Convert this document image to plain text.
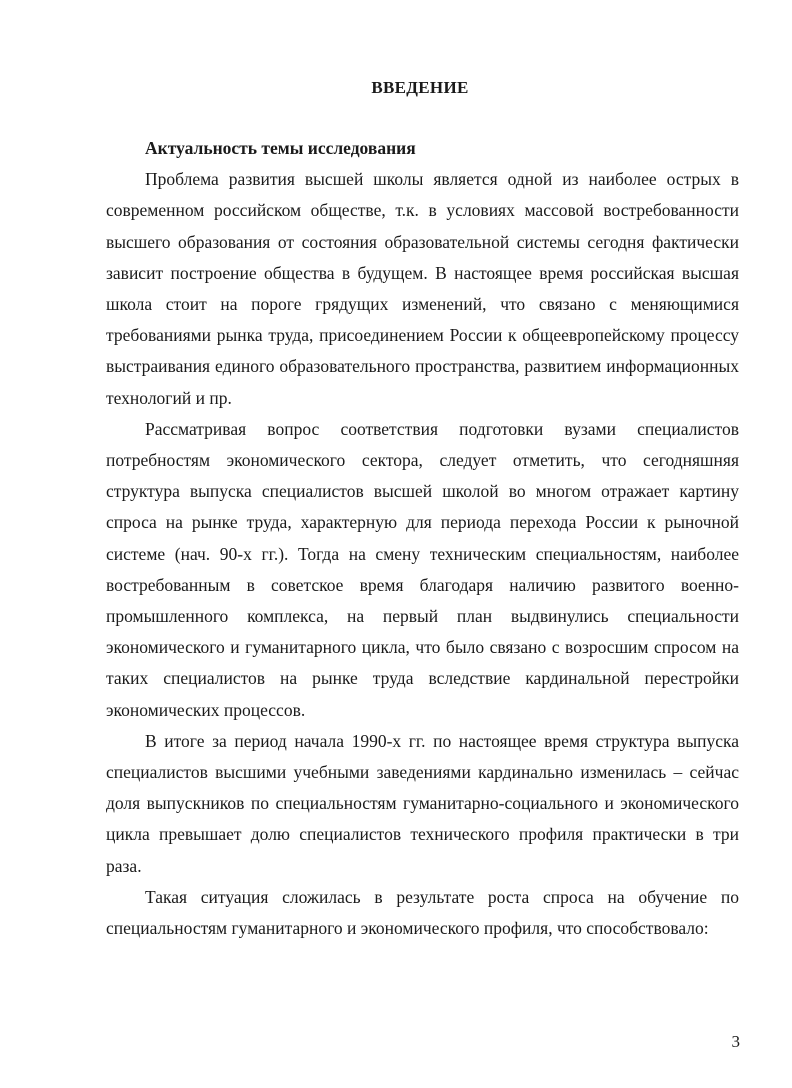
ВВЕДЕНИЕ

Актуальность темы исследования

Проблема развития высшей школы является одной из наиболее острых в современном российском обществе, т.к. в условиях массовой востребованности высшего образования от состояния образовательной системы сегодня фактически зависит построение общества в будущем. В настоящее время российская высшая школа стоит на пороге грядущих изменений, что связано с меняющимися требованиями рынка труда, присоединением России к общеевропейскому процессу выстраивания единого образовательного пространства, развитием информационных технологий и пр.

Рассматривая вопрос соответствия подготовки вузами специалистов потребностям экономического сектора, следует отметить, что сегодняшняя структура выпуска специалистов высшей школой во многом отражает картину спроса на рынке труда, характерную для периода перехода России к рыночной системе (нач. 90-х гг.). Тогда на смену техническим специальностям, наиболее востребованным в советское время благодаря наличию развитого военно-промышленного комплекса, на первый план выдвинулись специальности экономического и гуманитарного цикла, что было связано с возросшим спросом на таких специалистов на рынке труда вследствие кардинальной перестройки экономических процессов.

В итоге за период начала 1990-х гг. по настоящее время структура выпуска специалистов высшими учебными заведениями кардинально изменилась – сейчас доля выпускников по специальностям гуманитарно-социального и экономического цикла превышает долю специалистов технического профиля практически в три раза.

Такая ситуация сложилась в результате роста спроса на обучение по специальностям гуманитарного и экономического профиля, что способствовало:

3
